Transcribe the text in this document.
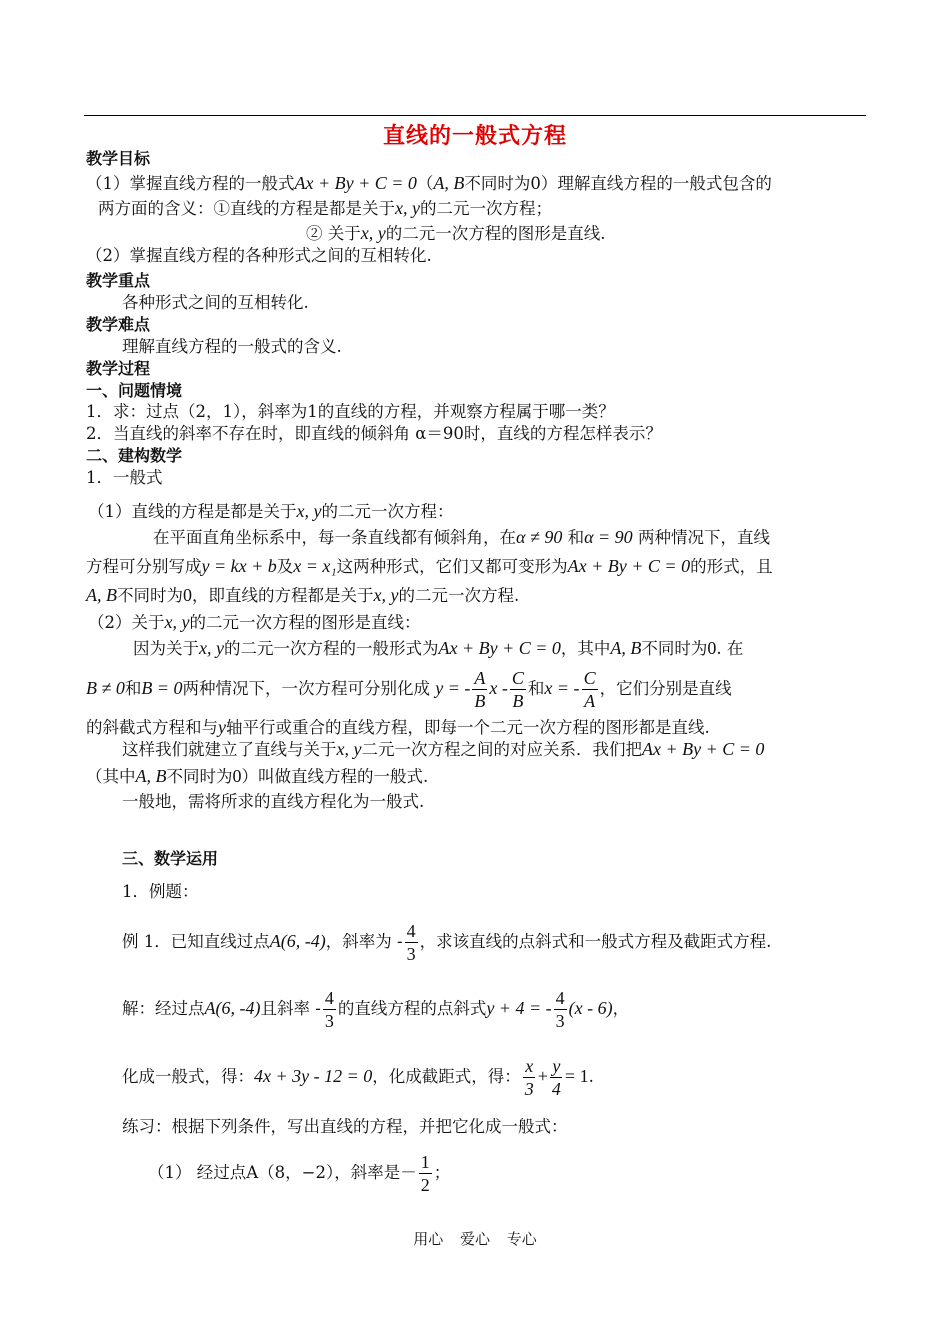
直线的一般式方程
教学目标
（1）掌握直线方程的一般式Ax + By + C = 0（A, B不同时为0）理解直线方程的一般式包含的
两方面的含义：①直线的方程是都是关于x, y的二元一次方程；
② 关于x, y的二元一次方程的图形是直线.
（2）掌握直线方程的各种形式之间的互相转化.
教学重点
各种形式之间的互相转化.
教学难点
理解直线方程的一般式的含义.
教学过程
一、问题情境
1．求：过点（2，1），斜率为1的直线的方程，并观察方程属于哪一类？
2．当直线的斜率不存在时，即直线的倾斜角 α＝90时，直线的方程怎样表示？
二、建构数学
1．一般式
（1）直线的方程是都是关于x, y的二元一次方程：
在平面直角坐标系中，每一条直线都有倾斜角，在α ≠ 90 和α = 90 两种情况下，直线
方程可分别写成y = kx + b及x = x₁这两种形式，它们又都可变形为Ax + By + C = 0的形式，且
A, B不同时为0，即直线的方程都是关于x, y的二元一次方程.
（2）关于x, y的二元一次方程的图形是直线：
因为关于x, y的二元一次方程的一般形式为Ax + By + C = 0，其中A, B不同时为0. 在
B ≠ 0和B = 0两种情况下，一次方程可分别化成 y = - $\frac{A}{B}$ x - $\frac{C}{B}$ 和x = - $\frac{C}{A}$ ，它们分别是直线
的斜截式方程和与y轴平行或重合的直线方程，即每一个二元一次方程的图形都是直线.
这样我们就建立了直线与关于x, y二元一次方程之间的对应关系．我们把Ax + By + C = 0
（其中A, B不同时为0）叫做直线方程的一般式.
一般地，需将所求的直线方程化为一般式.
三、数学运用
1．例题：
例 1．已知直线过点A(6, -4)，斜率为 - $\frac{4}{3}$ ，求该直线的点斜式和一般式方程及截距式方程.
解：经过点A(6, -4)且斜率 - $\frac{4}{3}$ 的直线方程的点斜式y + 4 = - $\frac{4}{3} (x - 6)$，
化成一般式，得：4x + 3y - 12 = 0，化成截距式，得： $\frac{x}{3} + \frac{y}{4} = 1$.
练习：根据下列条件，写出直线的方程，并把它化成一般式：
（1） 经过点A（8，−2），斜率是－ $\frac{1}{2}$ ；
用心 爱心 专心
